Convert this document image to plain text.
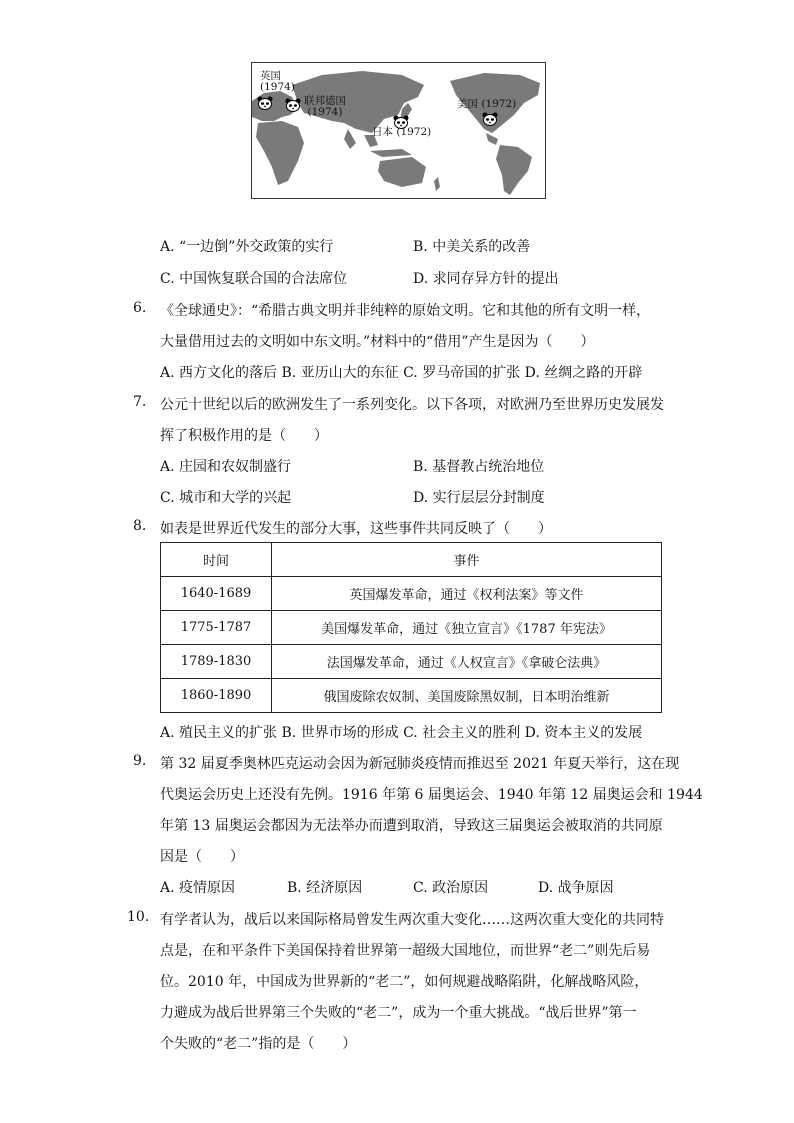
英国
(1974)
联邦德国
(1974)
日本 (1972)
美国 (1972)
A. “一边倒”外交政策的实行	B. 中美关系的改善
C. 中国恢复联合国的合法席位	D. 求同存异方针的提出
6. 《全球通史》：“希腊古典文明并非纯粹的原始文明。它和其他的所有文明一样，
大量借用过去的文明如中东文明。”材料中的“借用”产生是因为（　　）
A. 西方文化的落后 B. 亚历山大的东征 C. 罗马帝国的扩张 D. 丝绸之路的开辟
7. 公元十世纪以后的欧洲发生了一系列变化。以下各项，对欧洲乃至世界历史发展发
挥了积极作用的是（　　）
A. 庄园和农奴制盛行	B. 基督教占统治地位
C. 城市和大学的兴起	D. 实行层层分封制度
8. 如表是世界近代发生的部分大事，这些事件共同反映了（　　）
时间	事件
1640-1689	英国爆发革命，通过《权利法案》等文件
1775-1787	美国爆发革命，通过《独立宣言》《1787 年宪法》
1789-1830	法国爆发革命，通过《人权宣言》《拿破仑法典》
1860-1890	俄国废除农奴制、美国废除黑奴制，日本明治维新
A. 殖民主义的扩张 B. 世界市场的形成 C. 社会主义的胜利 D. 资本主义的发展
9. 第 32 届夏季奥林匹克运动会因为新冠肺炎疫情而推迟至 2021 年夏天举行，这在现
代奥运会历史上还没有先例。1916 年第 6 届奥运会、1940 年第 12 届奥运会和 1944
年第 13 届奥运会都因为无法举办而遭到取消，导致这三届奥运会被取消的共同原
因是（　　）
A. 疫情原因	B. 经济原因	C. 政治原因	D. 战争原因
10. 有学者认为，战后以来国际格局曾发生两次重大变化……这两次重大变化的共同特
点是，在和平条件下美国保持着世界第一超级大国地位，而世界“老二”则先后易
位。2010 年，中国成为世界新的“老二”，如何规避战略陷阱，化解战略风险，
力避成为战后世界第三个失败的“老二”，成为一个重大挑战。“战后世界”第一
个失败的“老二”指的是（　　）
